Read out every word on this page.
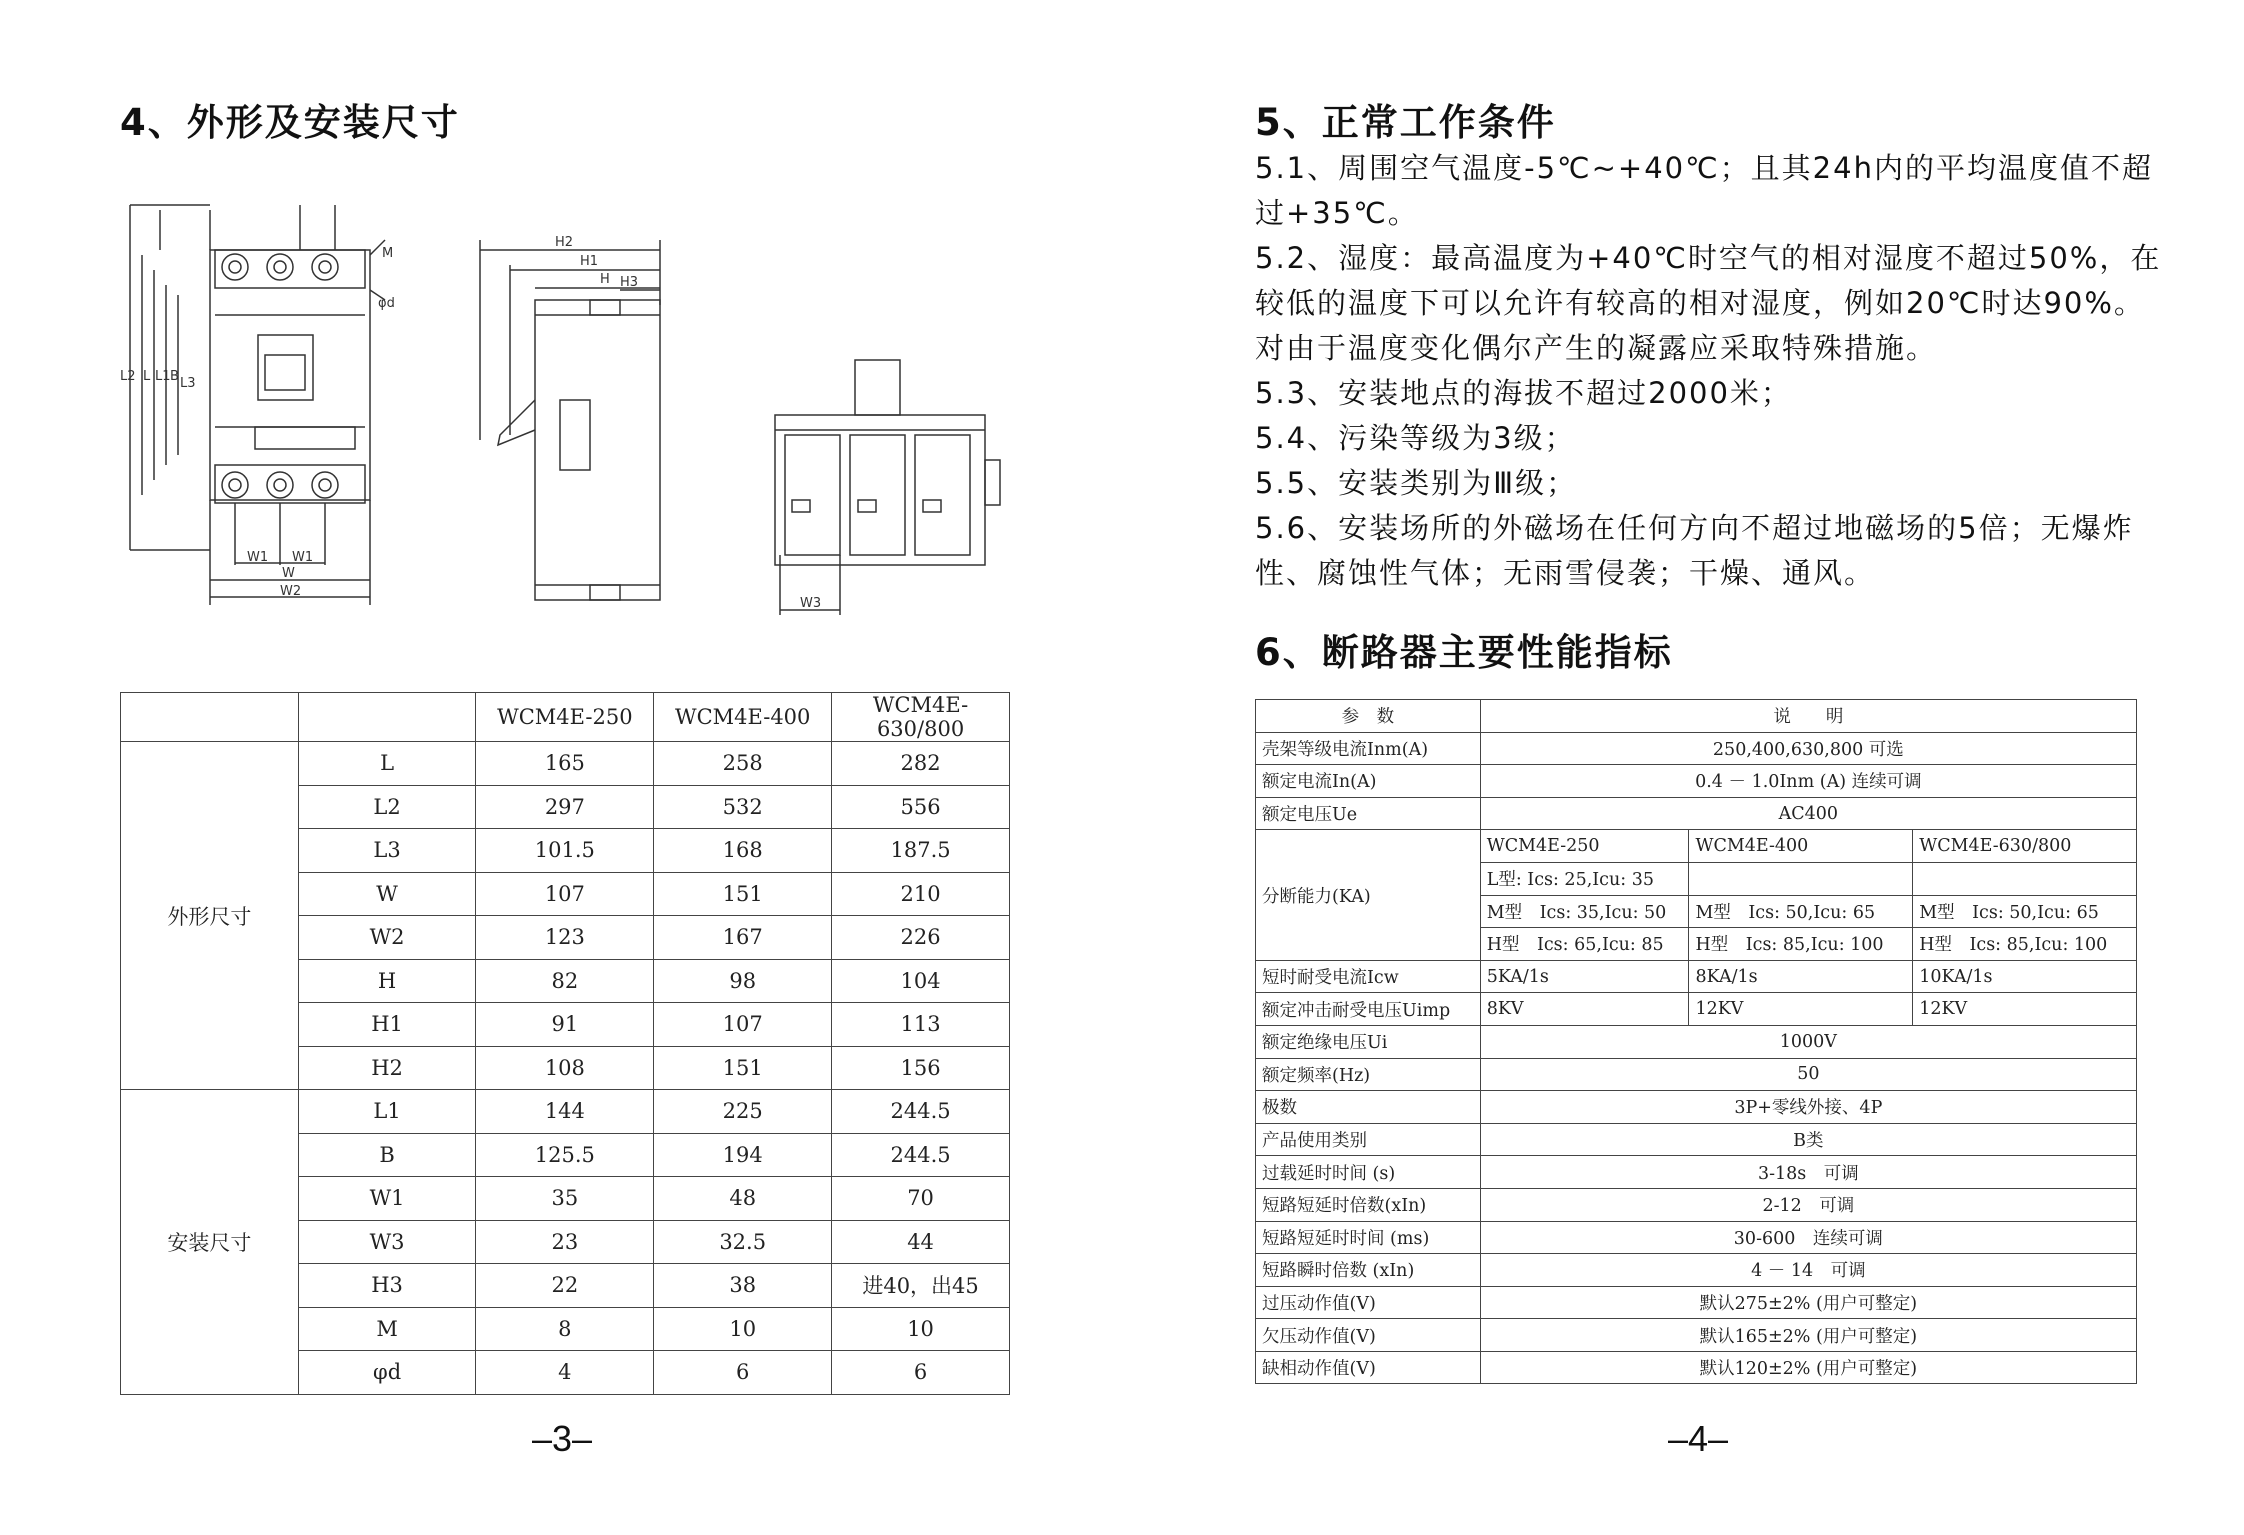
4、外形及安装尺寸
L2 L L1 B L3
M
φd
W1 W1
W
W2
H2
H1
H H3
W3
		WCM4E-250	WCM4E-400	WCM4E-630/800
外形尺寸	L	165	258	282
	L2	297	532	556
	L3	101.5	168	187.5
	W	107	151	210
	W2	123	167	226
	H	82	98	104
	H1	91	107	113
	H2	108	151	156
安装尺寸	L1	144	225	244.5
	B	125.5	194	244.5
	W1	35	48	70
	W3	23	32.5	44
	H3	22	38	进40，出45
	M	8	10	10
	φd	4	6	6
–3–
5、正常工作条件
5.1、周围空气温度-5℃~+40℃；且其24h内的平均温度值不超过+35℃。
5.2、湿度：最高温度为+40℃时空气的相对湿度不超过50%，在较低的温度下可以允许有较高的相对湿度，例如20℃时达90%。对由于温度变化偶尔产生的凝露应采取特殊措施。
5.3、安装地点的海拔不超过2000米；
5.4、污染等级为3级；
5.5、安装类别为Ⅲ级；
5.6、安装场所的外磁场在任何方向不超过地磁场的5倍；无爆炸性、腐蚀性气体；无雨雪侵袭；干燥、通风。
6、断路器主要性能指标
参　数	说　　明		
壳架等级电流Inm(A)	250,400,630,800 可选		
额定电流In(A)	0.4 － 1.0Inm (A) 连续可调		
额定电压Ue	AC400		
分断能力(KA)	WCM4E-250	WCM4E-400	WCM4E-630/800
	L型: Ics: 25,Icu: 35		
	M型　Ics: 35,Icu: 50	M型　Ics: 50,Icu: 65	M型　Ics: 50,Icu: 65
	H型　Ics: 65,Icu: 85	H型　Ics: 85,Icu: 100	H型　Ics: 85,Icu: 100
短时耐受电流Icw	5KA/1s	8KA/1s	10KA/1s
额定冲击耐受电压Uimp	8KV	12KV	12KV
额定绝缘电压Ui	1000V		
额定频率(Hz)	50		
极数	3P+零线外接、4P		
产品使用类别	B类		
过载延时时间 (s)	3-18s　可调		
短路短延时倍数(xIn)	2-12　可调		
短路短延时时间 (ms)	30-600　连续可调		
短路瞬时倍数 (xIn)	4 － 14　可调		
过压动作值(V)	默认275±2% (用户可整定)		
欠压动作值(V)	默认165±2% (用户可整定)		
缺相动作值(V)	默认120±2% (用户可整定)		
–4–
